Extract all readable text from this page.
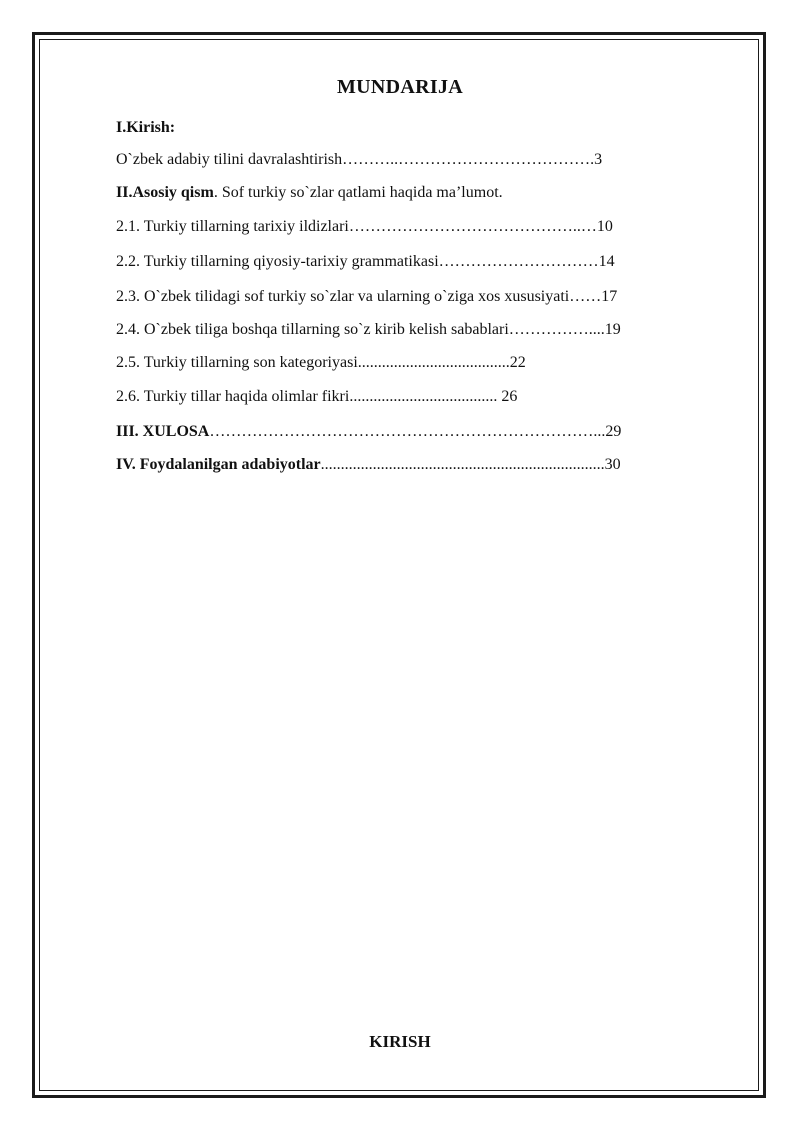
MUNDARIJA
I.Kirish:
O`zbek adabiy tilini davralashtirish………..……………………………….3
II.Asosiy qism. Sof turkiy so`zlar qatlami haqida ma’lumot.
2.1. Turkiy tillarning tarixiy ildizlari……………………………………..…10
2.2. Turkiy tillarning qiyosiy-tarixiy grammatikasi…………………………14
2.3. O`zbek tilidagi sof turkiy so`zlar va ularning o`ziga xos xususiyati……17
2.4. O`zbek tiliga boshqa tillarning so`z kirib kelish sabablari……………....19
2.5. Turkiy tillarning son kategoriyasi......................................22
2.6. Turkiy tillar haqida olimlar fikri..................................... 26
III. XULOSA………………………………………………………………...29
IV. Foydalanilgan adabiyotlar.......................................................................30
KIRISH
